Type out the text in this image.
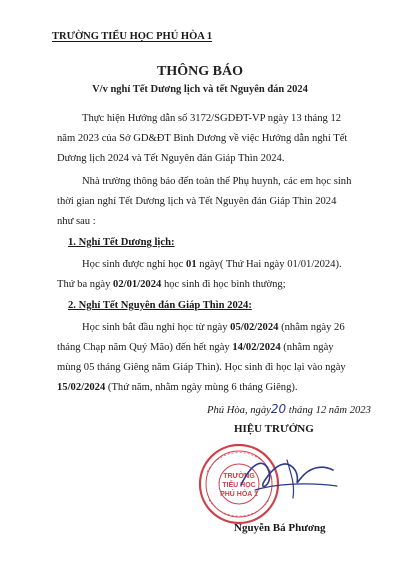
TRƯỜNG TIỂU HỌC PHÚ HÒA 1
THÔNG BÁO
V/v nghỉ Tết Dương lịch và tết Nguyên đán 2024
Thực hiện Hướng dẫn số 3172/SGDĐT-VP ngày 13 tháng 12
năm 2023 của Sở GD&ĐT Bình Dương về việc Hướng dẫn nghỉ Tết
Dương lịch 2024 và Tết Nguyên đán Giáp Thìn 2024.
Nhà trường thông báo đến toàn thể Phụ huynh, các em học sinh
thời gian nghỉ Tết Dương lịch và Tết Nguyên đán Giáp Thìn 2024
như sau :
1. Nghỉ Tết Dương lịch:
Học sinh được nghỉ học 01 ngày( Thứ Hai ngày 01/01/2024).
Thứ ba ngày 02/01/2024 học sinh đi học bình thường;
2. Nghỉ Tết Nguyên đán Giáp Thìn 2024:
Học sinh bắt đầu nghỉ học từ ngày 05/02/2024 (nhằm ngày 26
tháng Chạp năm Quý Mão) đến hết ngày 14/02/2024 (nhằm ngày
mùng 05 tháng Giêng năm Giáp Thìn). Học sinh đi học lại vào ngày
15/02/2024 (Thứ năm, nhằm ngày mùng 6 tháng Giêng).
Phú Hòa, ngày20 tháng 12 năm 2023
HIỆU TRƯỞNG
TRƯỜNG
TIỂU HỌC
PHÚ HÒA 1
Nguyễn Bá Phương
